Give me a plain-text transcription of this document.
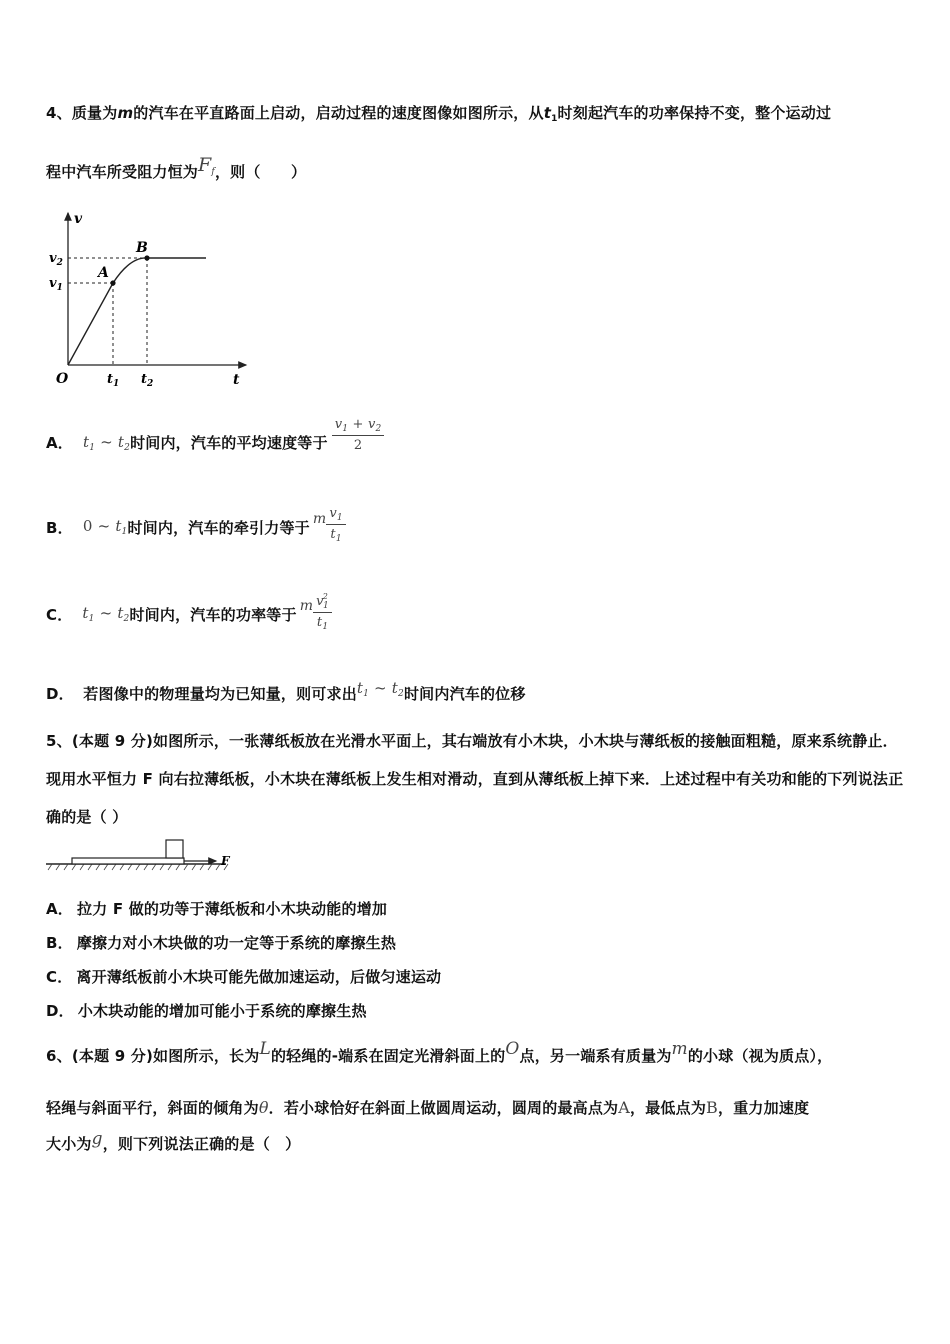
4、质量为m的汽车在平直路面上启动，启动过程的速度图像如图所示，从$t_1$时刻起汽车的功率保持不变，整个运动过
程中汽车所受阻力恒为$F_f$，则（　　）
v
t
O
$v_1$
$v_2$
$t_1$ $t_2$
A
B
A． $t_1$ ~ $t_2$ 时间内，汽车的平均速度等于 $\frac{v_1 + v_2}{2}$
B． 0 ~ $t_1$ 时间内，汽车的牵引力等于 m $\frac{v_1}{t_1}$
C． $t_1$ ~ $t_2$ 时间内，汽车的功率等于 m $\frac{v^2_1}{t_1}$
D． 若图像中的物理量均为已知量，则可求出$t_1$ ~ $t_2$时间内汽车的位移
5、(本题 9 分)如图所示，一张薄纸板放在光滑水平面上，其右端放有小木块，小木块与薄纸板的接触面粗糙，原来系统静止．现用水平恒力 F 向右拉薄纸板，小木块在薄纸板上发生相对滑动，直到从薄纸板上掉下来．上述过程中有关功和能的下列说法正确的是（ ）
F
A． 拉力 F 做的功等于薄纸板和小木块动能的增加
B． 摩擦力对小木块做的功一定等于系统的摩擦生热
C． 离开薄纸板前小木块可能先做加速运动，后做匀速运动
D． 小木块动能的增加可能小于系统的摩擦生热
6、(本题 9 分)如图所示，长为L的轻绳的-端系在固定光滑斜面上的O点，另一端系有质量为m的小球（视为质点），
轻绳与斜面平行，斜面的倾角为θ．若小球恰好在斜面上做圆周运动，圆周的最高点为A，最低点为B，重力加速度
大小为g，则下列说法正确的是（　）
